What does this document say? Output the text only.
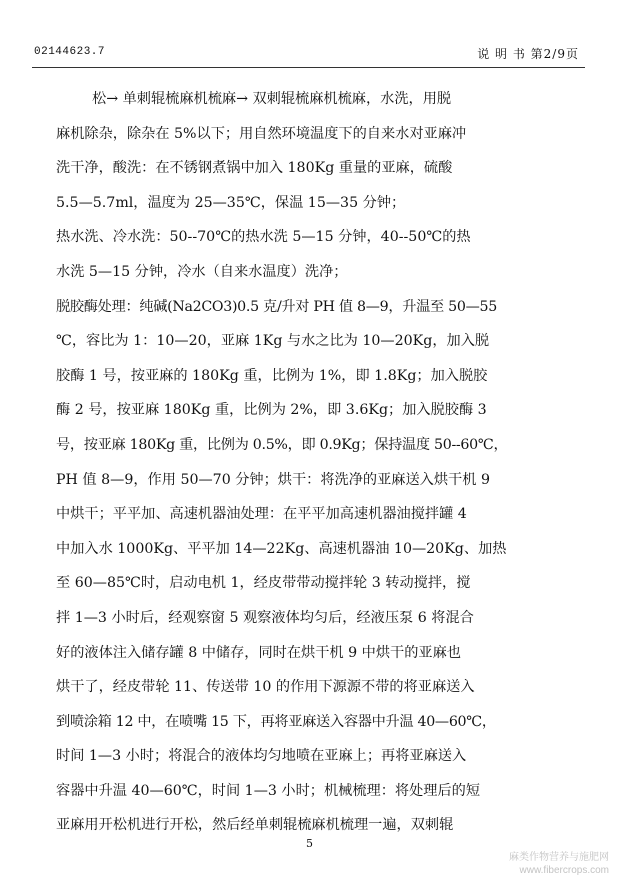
02144623.7	说 明 书 第2/9页
松→ 单刺辊梳麻机梳麻→ 双刺辊梳麻机梳麻，水洗，用脱
麻机除杂，除杂在 5%以下；用自然环境温度下的自来水对亚麻冲
洗干净，酸洗：在不锈钢煮锅中加入 180Kg 重量的亚麻，硫酸
5.5—5.7ml，温度为 25—35℃，保温 15—35 分钟；
热水洗、冷水洗：50--70℃的热水洗 5—15 分钟，40--50℃的热
水洗 5—15 分钟，冷水（自来水温度）洗净；
脱胶酶处理：纯碱(Na2CO3)0.5 克/升对 PH 值 8—9，升温至 50—55
℃，容比为 1：10—20，亚麻 1Kg 与水之比为 10—20Kg，加入脱
胶酶 1 号，按亚麻的 180Kg 重，比例为 1%，即 1.8Kg；加入脱胶
酶 2 号，按亚麻 180Kg 重，比例为 2%，即 3.6Kg；加入脱胶酶 3
号，按亚麻 180Kg 重，比例为 0.5%，即 0.9Kg；保持温度 50--60℃，
PH 值 8—9，作用 50—70 分钟；烘干：将洗净的亚麻送入烘干机 9
中烘干；平平加、高速机器油处理：在平平加高速机器油搅拌罐 4
中加入水 1000Kg、平平加 14—22Kg、高速机器油 10—20Kg、加热
至 60—85℃时，启动电机 1，经皮带带动搅拌轮 3 转动搅拌，搅
拌 1—3 小时后，经观察窗 5 观察液体均匀后，经液压泵 6 将混合
好的液体注入储存罐 8 中储存，同时在烘干机 9 中烘干的亚麻也
烘干了，经皮带轮 11、传送带 10 的作用下源源不带的将亚麻送入
到喷涂箱 12 中，在喷嘴 15 下，再将亚麻送入容器中升温 40—60℃，
时间 1—3 小时；将混合的液体均匀地喷在亚麻上；再将亚麻送入
容器中升温 40—60℃，时间 1—3 小时；机械梳理：将处理后的短
亚麻用开松机进行开松，然后经单刺辊梳麻机梳理一遍，双刺辊
5
麻类作物营养与施肥网
www.fibercrops.com
